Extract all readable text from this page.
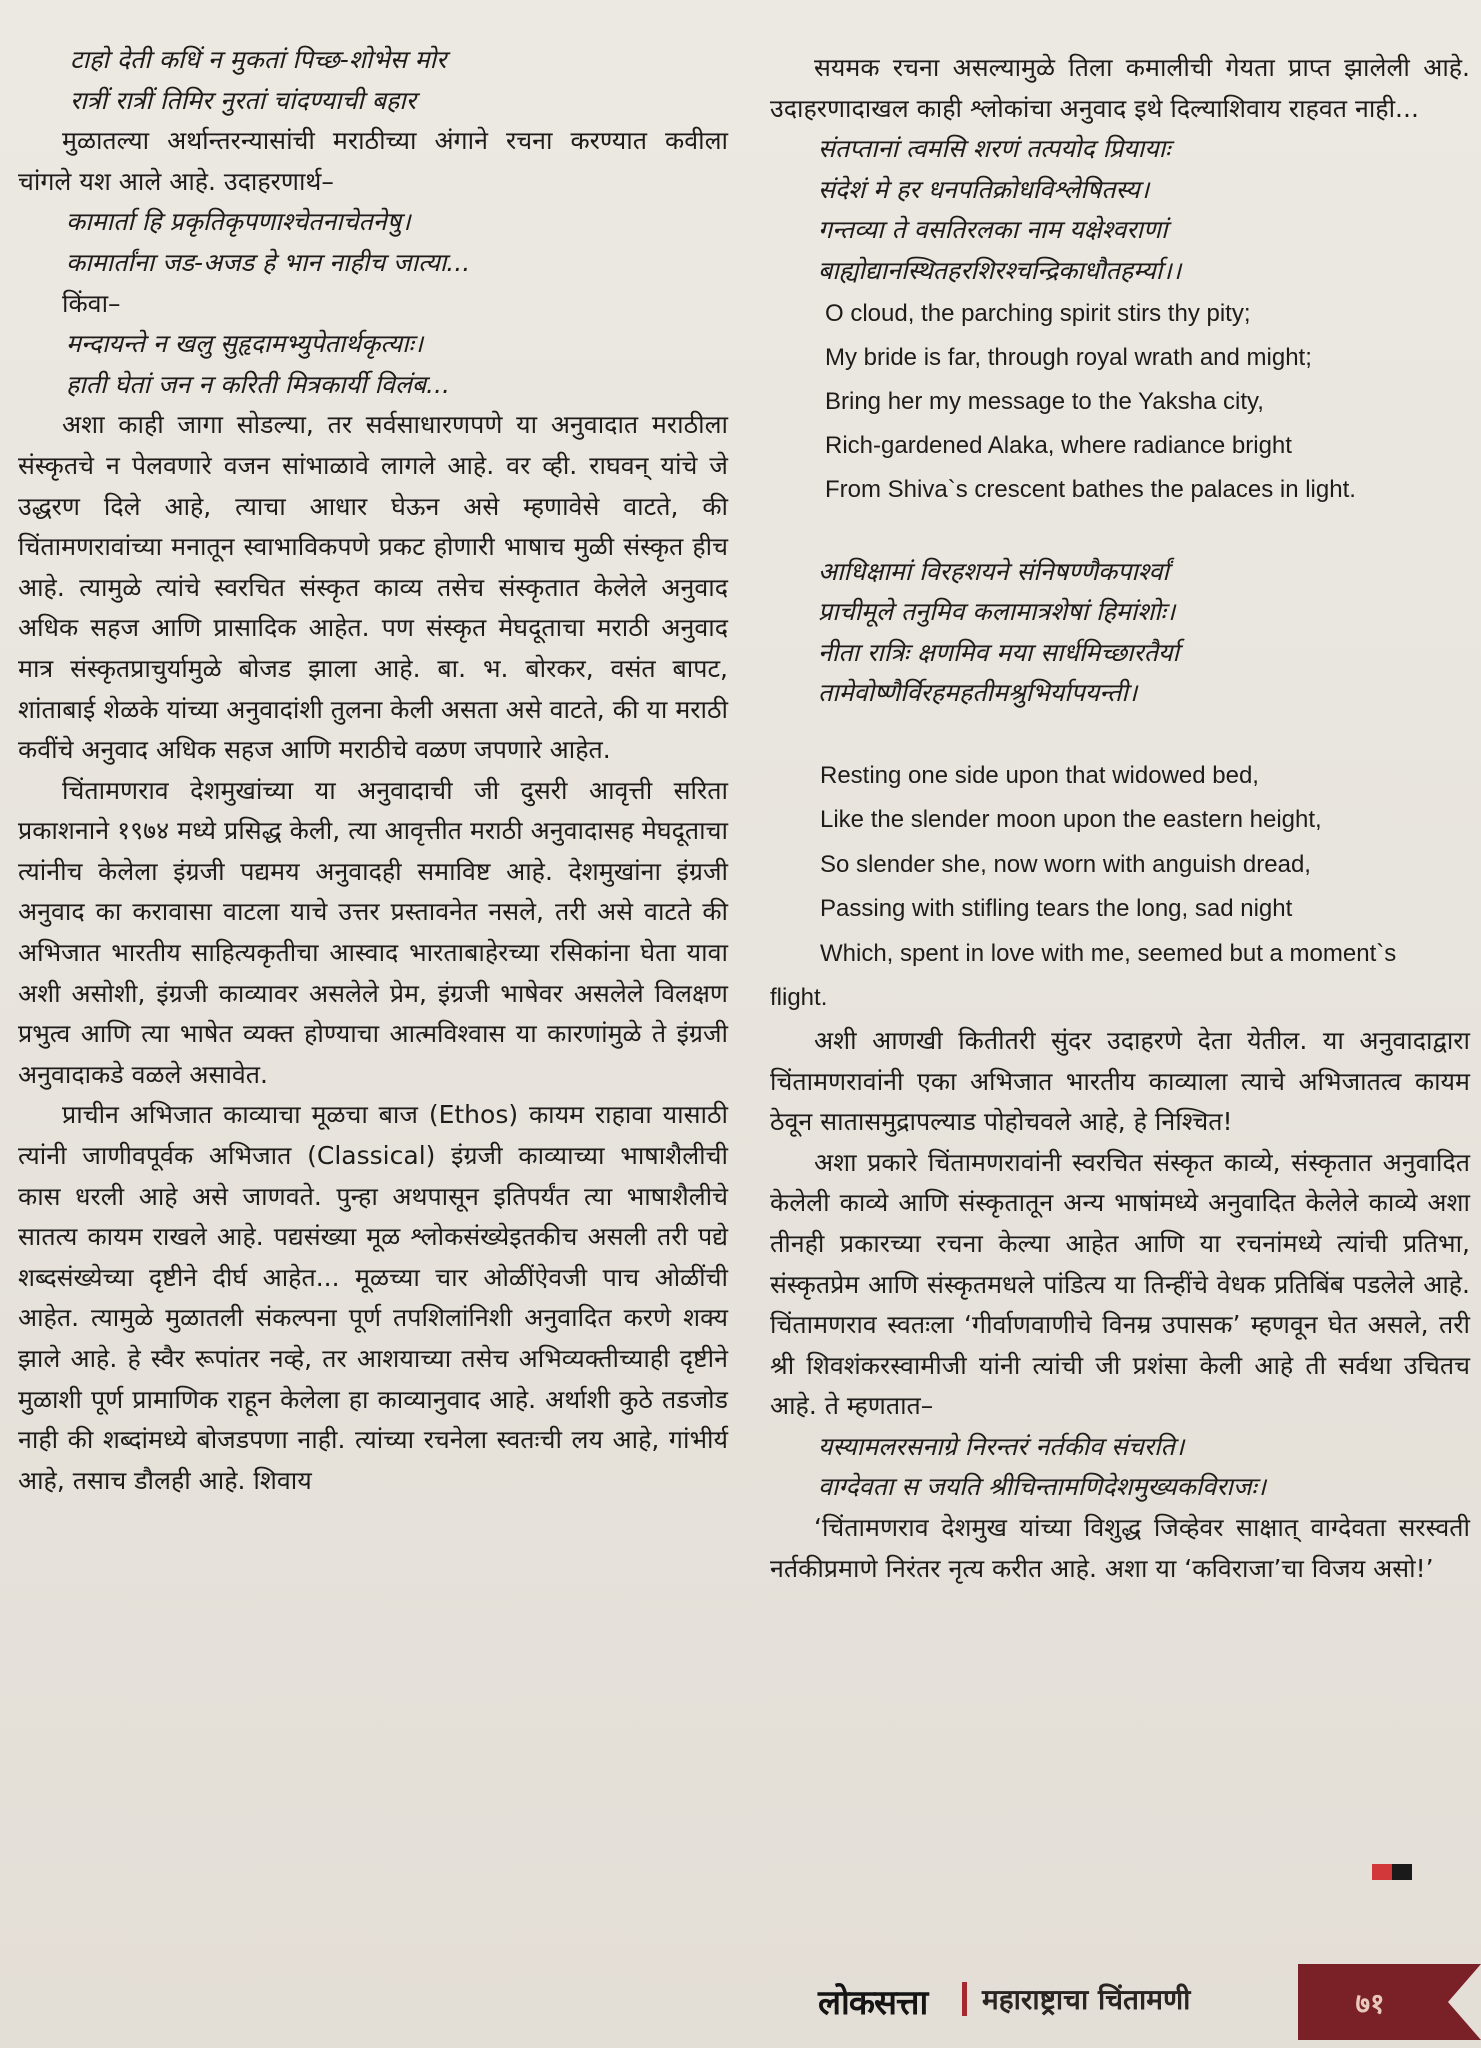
टाहो देती कधिं न मुकतां पिच्छ-शोभेस मोर
रात्रीं रात्रीं तिमिर नुरतां चांदण्याची बहार

मुळातल्या अर्थान्तरन्यासांची मराठीच्या अंगाने रचना करण्यात कवीला चांगले यश आले आहे. उदाहरणार्थ–

कामार्ता हि प्रकृतिकृपणाश्चेतनाचेतनेषु।
कामार्तांना जड-अजड हे भान नाहीच जात्या...

किंवा–

मन्दायन्ते न खलु सुहृदामभ्युपेतार्थकृत्याः।
हाती घेतां जन न करिती मित्रकार्यी विलंब...

अशा काही जागा सोडल्या, तर सर्वसाधारणपणे या अनुवादात मराठीला संस्कृतचे न पेलवणारे वजन सांभाळावे लागले आहे. वर व्ही. राघवन् यांचे जे उद्धरण दिले आहे, त्याचा आधार घेऊन असे म्हणावेसे वाटते, की चिंतामणरावांच्या मनातून स्वाभाविकपणे प्रकट होणारी भाषाच मुळी संस्कृत हीच आहे. त्यामुळे त्यांचे स्वरचित संस्कृत काव्य तसेच संस्कृतात केलेले अनुवाद अधिक सहज आणि प्रासादिक आहेत. पण संस्कृत मेघदूताचा मराठी अनुवाद मात्र संस्कृतप्राचुर्यामुळे बोजड झाला आहे. बा. भ. बोरकर, वसंत बापट, शांताबाई शेळके यांच्या अनुवादांशी तुलना केली असता असे वाटते, की या मराठी कवींचे अनुवाद अधिक सहज आणि मराठीचे वळण जपणारे आहेत.

चिंतामणराव देशमुखांच्या या अनुवादाची जी दुसरी आवृत्ती सरिता प्रकाशनाने १९७४ मध्ये प्रसिद्ध केली, त्या आवृत्तीत मराठी अनुवादासह मेघदूताचा त्यांनीच केलेला इंग्रजी पद्यमय अनुवादही समाविष्ट आहे. देशमुखांना इंग्रजी अनुवाद का करावासा वाटला याचे उत्तर प्रस्तावनेत नसले, तरी असे वाटते की अभिजात भारतीय साहित्यकृतीचा आस्वाद भारताबाहेरच्या रसिकांना घेता यावा अशी असोशी, इंग्रजी काव्यावर असलेले प्रेम, इंग्रजी भाषेवर असलेले विलक्षण प्रभुत्व आणि त्या भाषेत व्यक्त होण्याचा आत्मविश्वास या कारणांमुळे ते इंग्रजी अनुवादाकडे वळले असावेत.

प्राचीन अभिजात काव्याचा मूळचा बाज (Ethos) कायम राहावा यासाठी त्यांनी जाणीवपूर्वक अभिजात (Classical) इंग्रजी काव्याच्या भाषाशैलीची कास धरली आहे असे जाणवते. पुन्हा अथपासून इतिपर्यंत त्या भाषाशैलीचे सातत्य कायम राखले आहे. पद्यसंख्या मूळ श्लोकसंख्येइतकीच असली तरी पद्ये शब्दसंख्येच्या दृष्टीने दीर्घ आहेत... मूळच्या चार ओळींऐवजी पाच ओळींची आहेत. त्यामुळे मुळातली संकल्पना पूर्ण तपशिलांनिशी अनुवादित करणे शक्य झाले आहे. हे स्वैर रूपांतर नव्हे, तर आशयाच्या तसेच अभिव्यक्तीच्याही दृष्टीने मुळाशी पूर्ण प्रामाणिक राहून केलेला हा काव्यानुवाद आहे. अर्थाशी कुठे तडजोड नाही की शब्दांमध्ये बोजडपणा नाही. त्यांच्या रचनेला स्वतःची लय आहे, गांभीर्य आहे, तसाच डौलही आहे. शिवाय

सयमक रचना असल्यामुळे तिला कमालीची गेयता प्राप्त झालेली आहे. उदाहरणादाखल काही श्लोकांचा अनुवाद इथे दिल्याशिवाय राहवत नाही...

संतप्तानां त्वमसि शरणं तत्पयोद प्रियायाः
संदेशं मे हर धनपतिक्रोधविश्लेषितस्य।
गन्तव्या ते वसतिरलका नाम यक्षेश्वराणां
बाह्योद्यानस्थितहरशिरश्चन्द्रिकाधौतहर्म्या।।
O cloud, the parching spirit stirs thy pity;
My bride is far, through royal wrath and might;
Bring her my message to the Yaksha city,
Rich-gardened Alaka, where radiance bright
From Shiva`s crescent bathes the palaces in light.
आधिक्षामां विरहशयने संनिषण्णैकपार्श्वां
प्राचीमूले तनुमिव कलामात्रशेषां हिमांशोः।
नीता रात्रिः क्षणमिव मया सार्धमिच्छारतैर्या
तामेवोष्णैर्विरहमहतीमश्रुभिर्यापयन्ती।
Resting one side upon that widowed bed,
Like the slender moon upon the eastern height,
So slender she, now worn with anguish dread,
Passing with stifling tears the long, sad night
Which, spent in love with me, seemed but a moment`s
flight.

अशी आणखी कितीतरी सुंदर उदाहरणे देता येतील. या अनुवादाद्वारा चिंतामणरावांनी एका अभिजात भारतीय काव्याला त्याचे अभिजातत्व कायम ठेवून सातासमुद्रापल्याड पोहोचवले आहे, हे निश्चित!

अशा प्रकारे चिंतामणरावांनी स्वरचित संस्कृत काव्ये, संस्कृतात अनुवादित केलेली काव्ये आणि संस्कृतातून अन्य भाषांमध्ये अनुवादित केलेले काव्ये अशा तीनही प्रकारच्या रचना केल्या आहेत आणि या रचनांमध्ये त्यांची प्रतिभा, संस्कृतप्रेम आणि संस्कृतमधले पांडित्य या तिन्हींचे वेधक प्रतिबिंब पडलेले आहे. चिंतामणराव स्वतःला ‘गीर्वाणवाणीचे विनम्र उपासक’ म्हणवून घेत असले, तरी श्री शिवशंकरस्वामीजी यांनी त्यांची जी प्रशंसा केली आहे ती सर्वथा उचितच आहे. ते म्हणतात–

यस्यामलरसनाग्रे निरन्तरं नर्तकीव संचरति।
वाग्देवता स जयति श्रीचिन्तामणिदेशमुख्यकविराजः।

‘चिंतामणराव देशमुख यांच्या विशुद्ध जिव्हेवर साक्षात् वाग्देवता सरस्वती नर्तकीप्रमाणे निरंतर नृत्य करीत आहे. अशा या ‘कविराजा’चा विजय असो!’

लोकसत्ता महाराष्ट्राचा चिंतामणी	७१
